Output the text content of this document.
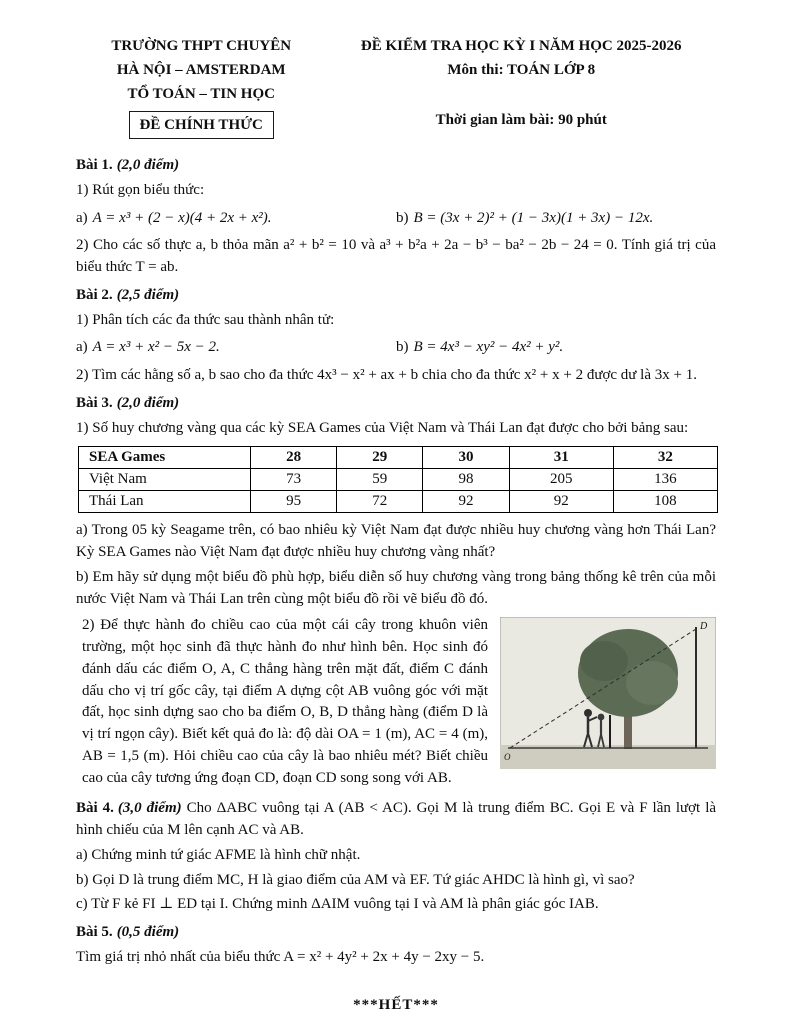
TRƯỜNG THPT CHUYÊN
HÀ NỘI – AMSTERDAM
TỔ TOÁN – TIN HỌC
ĐỀ CHÍNH THỨC
ĐỀ KIỂM TRA HỌC KỲ I NĂM HỌC 2025-2026
Môn thi: TOÁN LỚP 8
Thời gian làm bài: 90 phút

Bài 1. (2,0 điểm)

1) Rút gọn biểu thức:

a) A = x³ + (2 − x)(4 + 2x + x²).	b) B = (3x + 2)² + (1 − 3x)(1 + 3x) − 12x.

2) Cho các số thực a, b thỏa mãn a² + b² = 10 và a³ + b²a + 2a − b³ − ba² − 2b − 24 = 0. Tính giá trị của biểu thức T = ab.

Bài 2. (2,5 điểm)

1) Phân tích các đa thức sau thành nhân tử:

a) A = x³ + x² − 5x − 2.	b) B = 4x³ − xy² − 4x² + y².

2) Tìm các hằng số a, b sao cho đa thức 4x³ − x² + ax + b chia cho đa thức x² + x + 2 được dư là 3x + 1.

Bài 3. (2,0 điểm)

1) Số huy chương vàng qua các kỳ SEA Games của Việt Nam và Thái Lan đạt được cho bởi bảng sau:

SEA Games	28	29	30	31	32
Việt Nam	73	59	98	205	136
Thái Lan	95	72	92	92	108

a) Trong 05 kỳ Seagame trên, có bao nhiêu kỳ Việt Nam đạt được nhiều huy chương vàng hơn Thái Lan? Kỳ SEA Games nào Việt Nam đạt được nhiều huy chương vàng nhất?

b) Em hãy sử dụng một biểu đồ phù hợp, biểu diễn số huy chương vàng trong bảng thống kê trên của mỗi nước Việt Nam và Thái Lan trên cùng một biểu đồ rồi vẽ biểu đồ đó.

D
O

2) Để thực hành đo chiều cao của một cái cây trong khuôn viên trường, một học sinh đã thực hành đo như hình bên. Học sinh đó đánh dấu các điểm O, A, C thẳng hàng trên mặt đất, điểm C đánh dấu cho vị trí gốc cây, tại điểm A dựng cột AB vuông góc với mặt đất, học sinh dựng sao cho ba điểm O, B, D thẳng hàng (điểm D là vị trí ngọn cây). Biết kết quả đo là: độ dài OA = 1 (m), AC = 4 (m), AB = 1,5 (m). Hỏi chiều cao của cây là bao nhiêu mét? Biết chiều cao của cây tương ứng đoạn CD, đoạn CD song song với AB.

Bài 4. (3,0 điểm) Cho ΔABC vuông tại A (AB < AC). Gọi M là trung điểm BC. Gọi E và F lần lượt là hình chiếu của M lên cạnh AC và AB.

a) Chứng minh tứ giác AFME là hình chữ nhật.

b) Gọi D là trung điểm MC, H là giao điểm của AM và EF. Tứ giác AHDC là hình gì, vì sao?

c) Từ F kẻ FI ⊥ ED tại I. Chứng minh ΔAIM vuông tại I và AM là phân giác góc IAB.

Bài 5. (0,5 điểm)

Tìm giá trị nhỏ nhất của biểu thức A = x² + 4y² + 2x + 4y − 2xy − 5.

***HẾT***
